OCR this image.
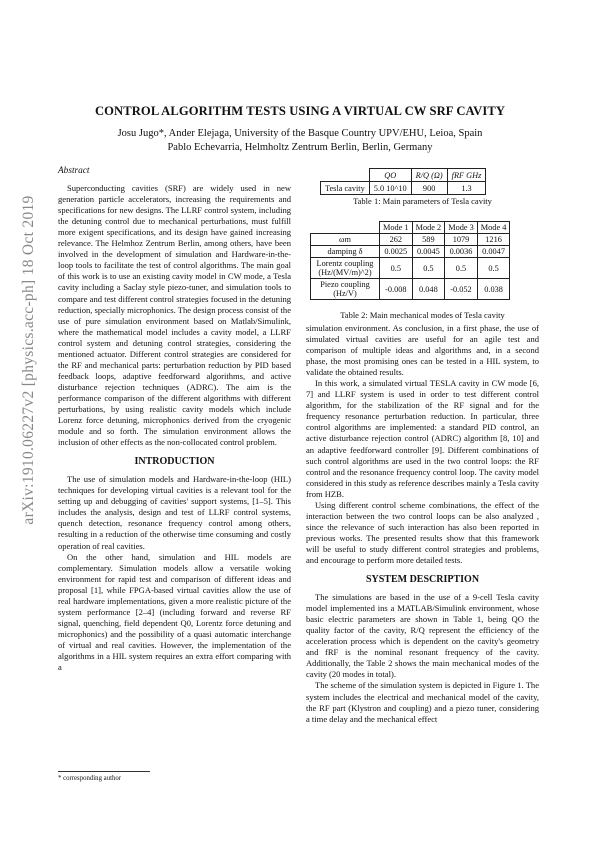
arXiv:1910.06227v2 [physics.acc-ph] 18 Oct 2019
CONTROL ALGORITHM TESTS USING A VIRTUAL CW SRF CAVITY
Josu Jugo*, Ander Elejaga, University of the Basque Country UPV/EHU, Leioa, Spain
Pablo Echevarria, Helmholtz Zentrum Berlin, Berlin, Germany
Abstract

Superconducting cavities (SRF) are widely used in new generation particle accelerators, increasing the requirements and specifications for new designs. The LLRF control system, including the detuning control due to mechanical perturbations, must fulfill more exigent specifications, and its design have gained increasing relevance. The Helmhoz Zentrum Berlin, among others, have been involved in the development of simulation and Hardware-in-the-loop tools to facilitate the test of control algorithms. The main goal of this work is to use an existing cavity model in CW mode, a Tesla cavity including a Saclay style piezo-tuner, and simulation tools to compare and test different control strategies focused in the detuning reduction, specially microphonics. The design process consist of the use of pure simulation environment based on Matlab/Simulink, where the mathematical model includes a cavity model, a LLRF control system and detuning control strategies, considering the mentioned actuator. Different control strategies are considered for the RF and mechanical parts: perturbation reduction by PID based feedback loops, adaptive feedforward algorithms, and active disturbance rejection techniques (ADRC). The aim is the performance comparison of the different algorithms with different perturbations, by using realistic cavity models which include Lorenz force detuning, microphonics derived from the cryogenic module and so forth. The simulation environment allows the inclusion of other effects as the non-collocated control problem.

INTRODUCTION

The use of simulation models and Hardware-in-the-loop (HIL) techniques for developing virtual cavities is a relevant tool for the setting up and debugging of cavities' support systems, [1–5]. This includes the analysis, design and test of LLRF control systems, quench detection, resonance frequency control among others, resulting in a reduction of the otherwise time consuming and costly operation of real cavities.

On the other hand, simulation and HIL models are complementary. Simulation models allow a versatile woking environment for rapid test and comparison of different ideas and proposal [1], while FPGA-based virtual cavities allow the use of real hardware implementations, given a more realistic picture of the system performance [2–4] (including forward and reverse RF signal, quenching, field dependent Q0, Lorentz force detuning and microphonics) and the possibility of a quasi automatic interchange of virtual and real cavities. However, the implementation of the algorithms in a HIL system requires an extra effort comparing with a

* corresponding author
	QO	R/Q (Ω)	fRF GHz
Tesla cavity	5.0 10^10	900	1.3
Table 1: Main parameters of Tesla cavity
	Mode 1	Mode 2	Mode 3	Mode 4
ωm	262	589	1079	1216
damping δ	0.0025	0.0045	0.0036	0.0047
Lorentz coupling (Hz/(MV/m)^2)	0.5	0.5	0.5	0.5
Piezo coupling (Hz/V)	-0.008	0.048	-0.052	0.038
Table 2: Main mechanical modes of Tesla cavity

simulation environment. As conclusion, in a first phase, the use of simulated virtual cavities are useful for an agile test and comparison of multiple ideas and algorithms and, in a second phase, the most promising ones can be tested in a HIL system, to validate the obtained results.

In this work, a simulated virtual TESLA cavity in CW mode [6, 7] and LLRF system is used in order to test different control algorithm, for the stabilization of the RF signal and for the frequency resonance perturbation reduction. In particular, three control algorithms are implemented: a standard PID control, an active disturbance rejection control (ADRC) algorithm [8, 10] and an adaptive feedforward controller [9]. Different combinations of such control algorithms are used in the two control loops: the RF control and the resonance frequency control loop. The cavity model considered in this study as reference describes mainly a Tesla cavity from HZB.

Using different control scheme combinations, the effect of the interaction between the two control loops can be also analyzed , since the relevance of such interaction has also been reported in previous works. The presented results show that this framework will be useful to study different control strategies and problems, and encourage to perform more detailed tests.

SYSTEM DESCRIPTION

The simulations are based in the use of a 9-cell Tesla cavity model implemented ins a MATLAB/Simulink environment, whose basic electric parameters are shown in Table 1, being QO the quality factor of the cavity, R/Q represent the efficiency of the acceleration process which is dependent on the cavity's geometry and fRF is the nominal resonant frequency of the cavity. Additionally, the Table 2 shows the main mechanical modes of the cavity (20 modes in total).

The scheme of the simulation system is depicted in Figure 1. The system includes the electrical and mechanical model of the cavity, the RF part (Klystron and coupling) and a piezo tuner, considering a time delay and the mechanical effect
